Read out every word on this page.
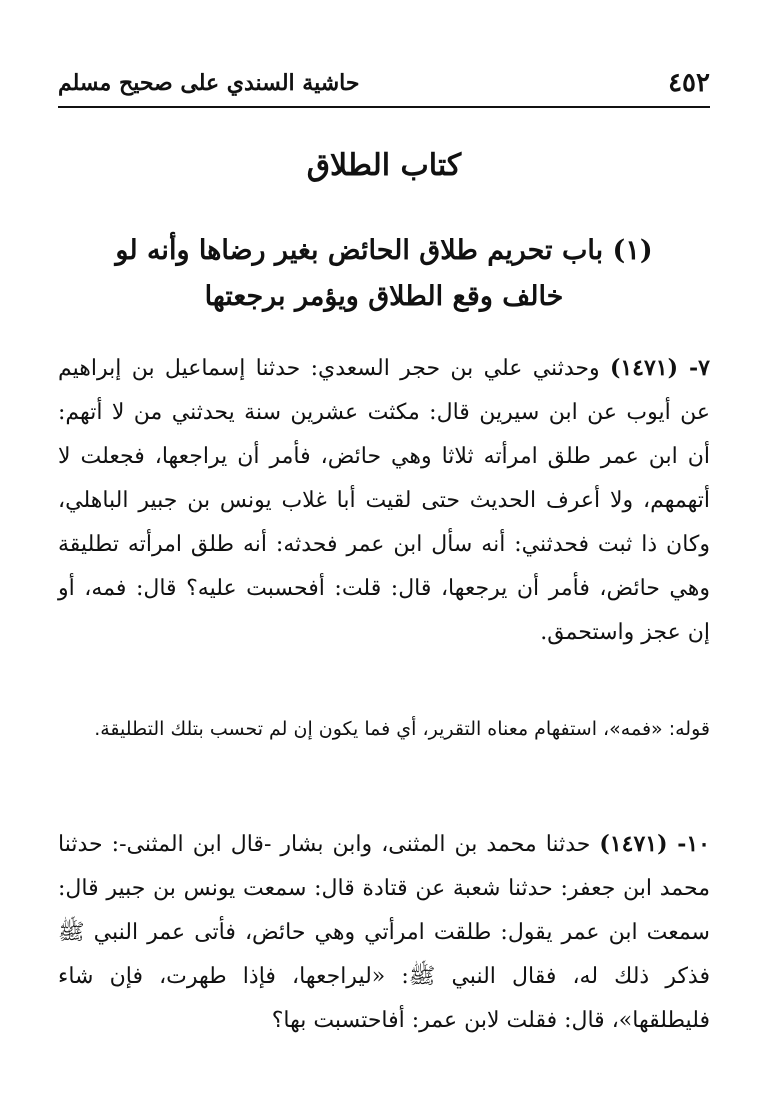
٤٥٢
حاشية السندي على صحيح مسلم
كتاب الطلاق
(١) باب تحريم طلاق الحائض بغير رضاها وأنه لو
خالف وقع الطلاق ويؤمر برجعتها
٧- (١٤٧١) وحدثني علي بن حجر السعدي: حدثنا إسماعيل بن إبراهيم عن أيوب عن ابن سيرين قال: مكثت عشرين سنة يحدثني من لا أتهم: أن ابن عمر طلق امرأته ثلاثا وهي حائض، فأمر أن يراجعها، فجعلت لا أتهمهم، ولا أعرف الحديث حتى لقيت أبا غلاب يونس بن جبير الباهلي، وكان ذا ثبت فحدثني: أنه سأل ابن عمر فحدثه: أنه طلق امرأته تطليقة وهي حائض، فأمر أن يرجعها، قال: قلت: أفحسبت عليه؟ قال: فمه، أو إن عجز واستحمق.
قوله: «فمه»، استفهام معناه التقرير، أي فما يكون إن لم تحسب بتلك التطليقة.
١٠- (١٤٧١) حدثنا محمد بن المثنى، وابن بشار -قال ابن المثنى-: حدثنا محمد ابن جعفر: حدثنا شعبة عن قتادة قال: سمعت يونس بن جبير قال: سمعت ابن عمر يقول: طلقت امرأتي وهي حائض، فأتى عمر النبي ﷺ فذكر ذلك له، فقال النبي ﷺ: «ليراجعها، فإذا طهرت، فإن شاء فليطلقها»، قال: فقلت لابن عمر: أفاحتسبت بها؟
